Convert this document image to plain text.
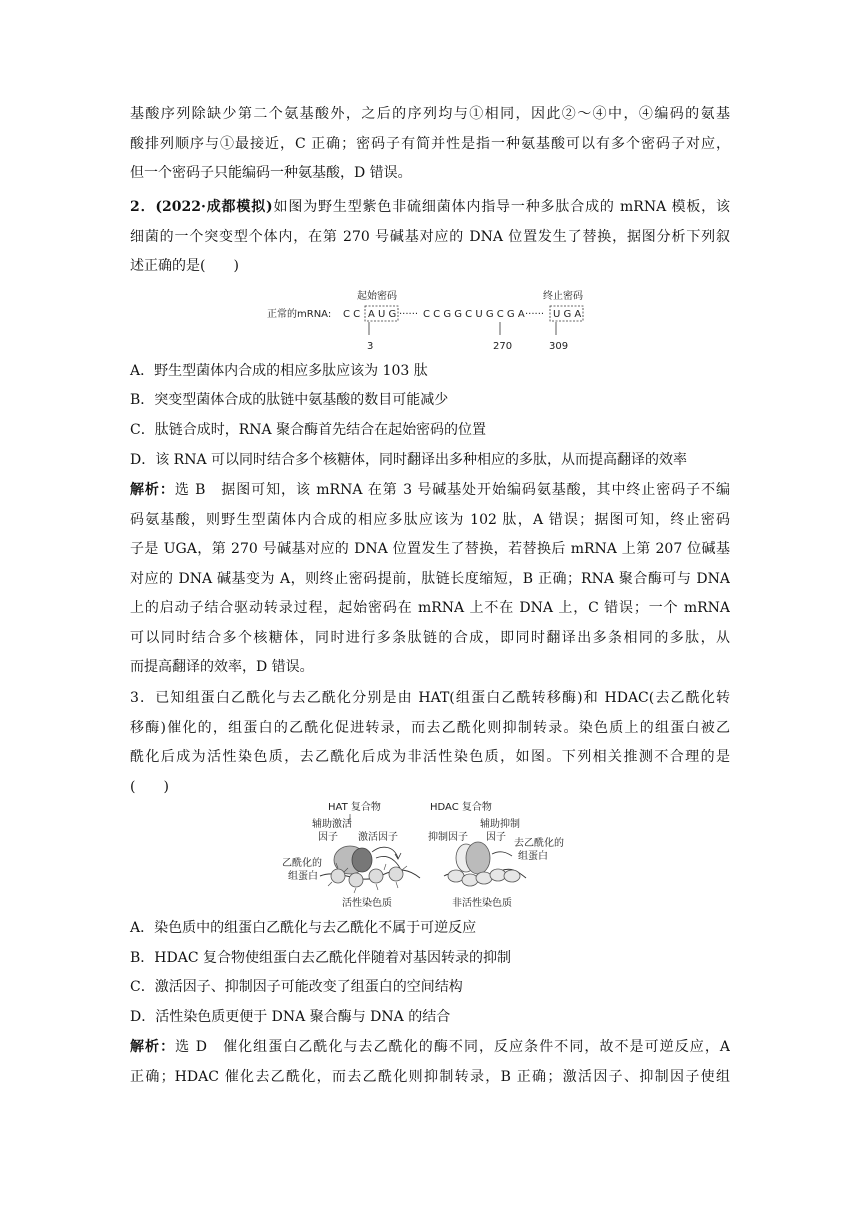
基酸序列除缺少第二个氨基酸外，之后的序列均与①相同，因此②～④中，④编码的氨基
酸排列顺序与①最接近，C 正确；密码子有简并性是指一种氨基酸可以有多个密码子对应，
但一个密码子只能编码一种氨基酸，D 错误。
2．(2022·成都模拟)如图为野生型紫色非硫细菌体内指导一种多肽合成的 mRNA 模板，该
细菌的一个突变型个体内，在第 270 号碱基对应的 DNA 位置发生了替换，据图分析下列叙
述正确的是(　　)
起始密码	终止密码
正常的mRNA: C C A U G ······ C C G G C U G C G A ······ U G A
3	270	309
A．野生型菌体内合成的相应多肽应该为 103 肽
B．突变型菌体合成的肽链中氨基酸的数目可能减少
C．肽链合成时，RNA 聚合酶首先结合在起始密码的位置
D．该 RNA 可以同时结合多个核糖体，同时翻译出多种相应的多肽，从而提高翻译的效率
解析：选 B　据图可知，该 mRNA 在第 3 号碱基处开始编码氨基酸，其中终止密码子不编
码氨基酸，则野生型菌体内合成的相应多肽应该为 102 肽，A 错误；据图可知，终止密码
子是 UGA，第 270 号碱基对应的 DNA 位置发生了替换，若替换后 mRNA 上第 207 位碱基
对应的 DNA 碱基变为 A，则终止密码提前，肽链长度缩短，B 正确；RNA 聚合酶可与 DNA
上的启动子结合驱动转录过程，起始密码在 mRNA 上不在 DNA 上，C 错误；一个 mRNA
可以同时结合多个核糖体，同时进行多条肽链的合成，即同时翻译出多条相同的多肽，从
而提高翻译的效率，D 错误。
3．已知组蛋白乙酰化与去乙酰化分别是由 HAT(组蛋白乙酰转移酶)和 HDAC(去乙酰化转
移酶)催化的，组蛋白的乙酰化促进转录，而去乙酰化则抑制转录。染色质上的组蛋白被乙
酰化后成为活性染色质，去乙酰化后成为非活性染色质，如图。下列相关推测不合理的是
(　　)
HAT 复合物
辅助激活
因子 激活因子
乙酰化的
组蛋白
活性染色质
HDAC 复合物
辅助抑制
抑制因子 因子
去乙酰化的
组蛋白
非活性染色质
A．染色质中的组蛋白乙酰化与去乙酰化不属于可逆反应
B．HDAC 复合物使组蛋白去乙酰化伴随着对基因转录的抑制
C．激活因子、抑制因子可能改变了组蛋白的空间结构
D．活性染色质更便于 DNA 聚合酶与 DNA 的结合
解析：选 D　催化组蛋白乙酰化与去乙酰化的酶不同，反应条件不同，故不是可逆反应，A
正确；HDAC 催化去乙酰化，而去乙酰化则抑制转录，B 正确；激活因子、抑制因子使组
